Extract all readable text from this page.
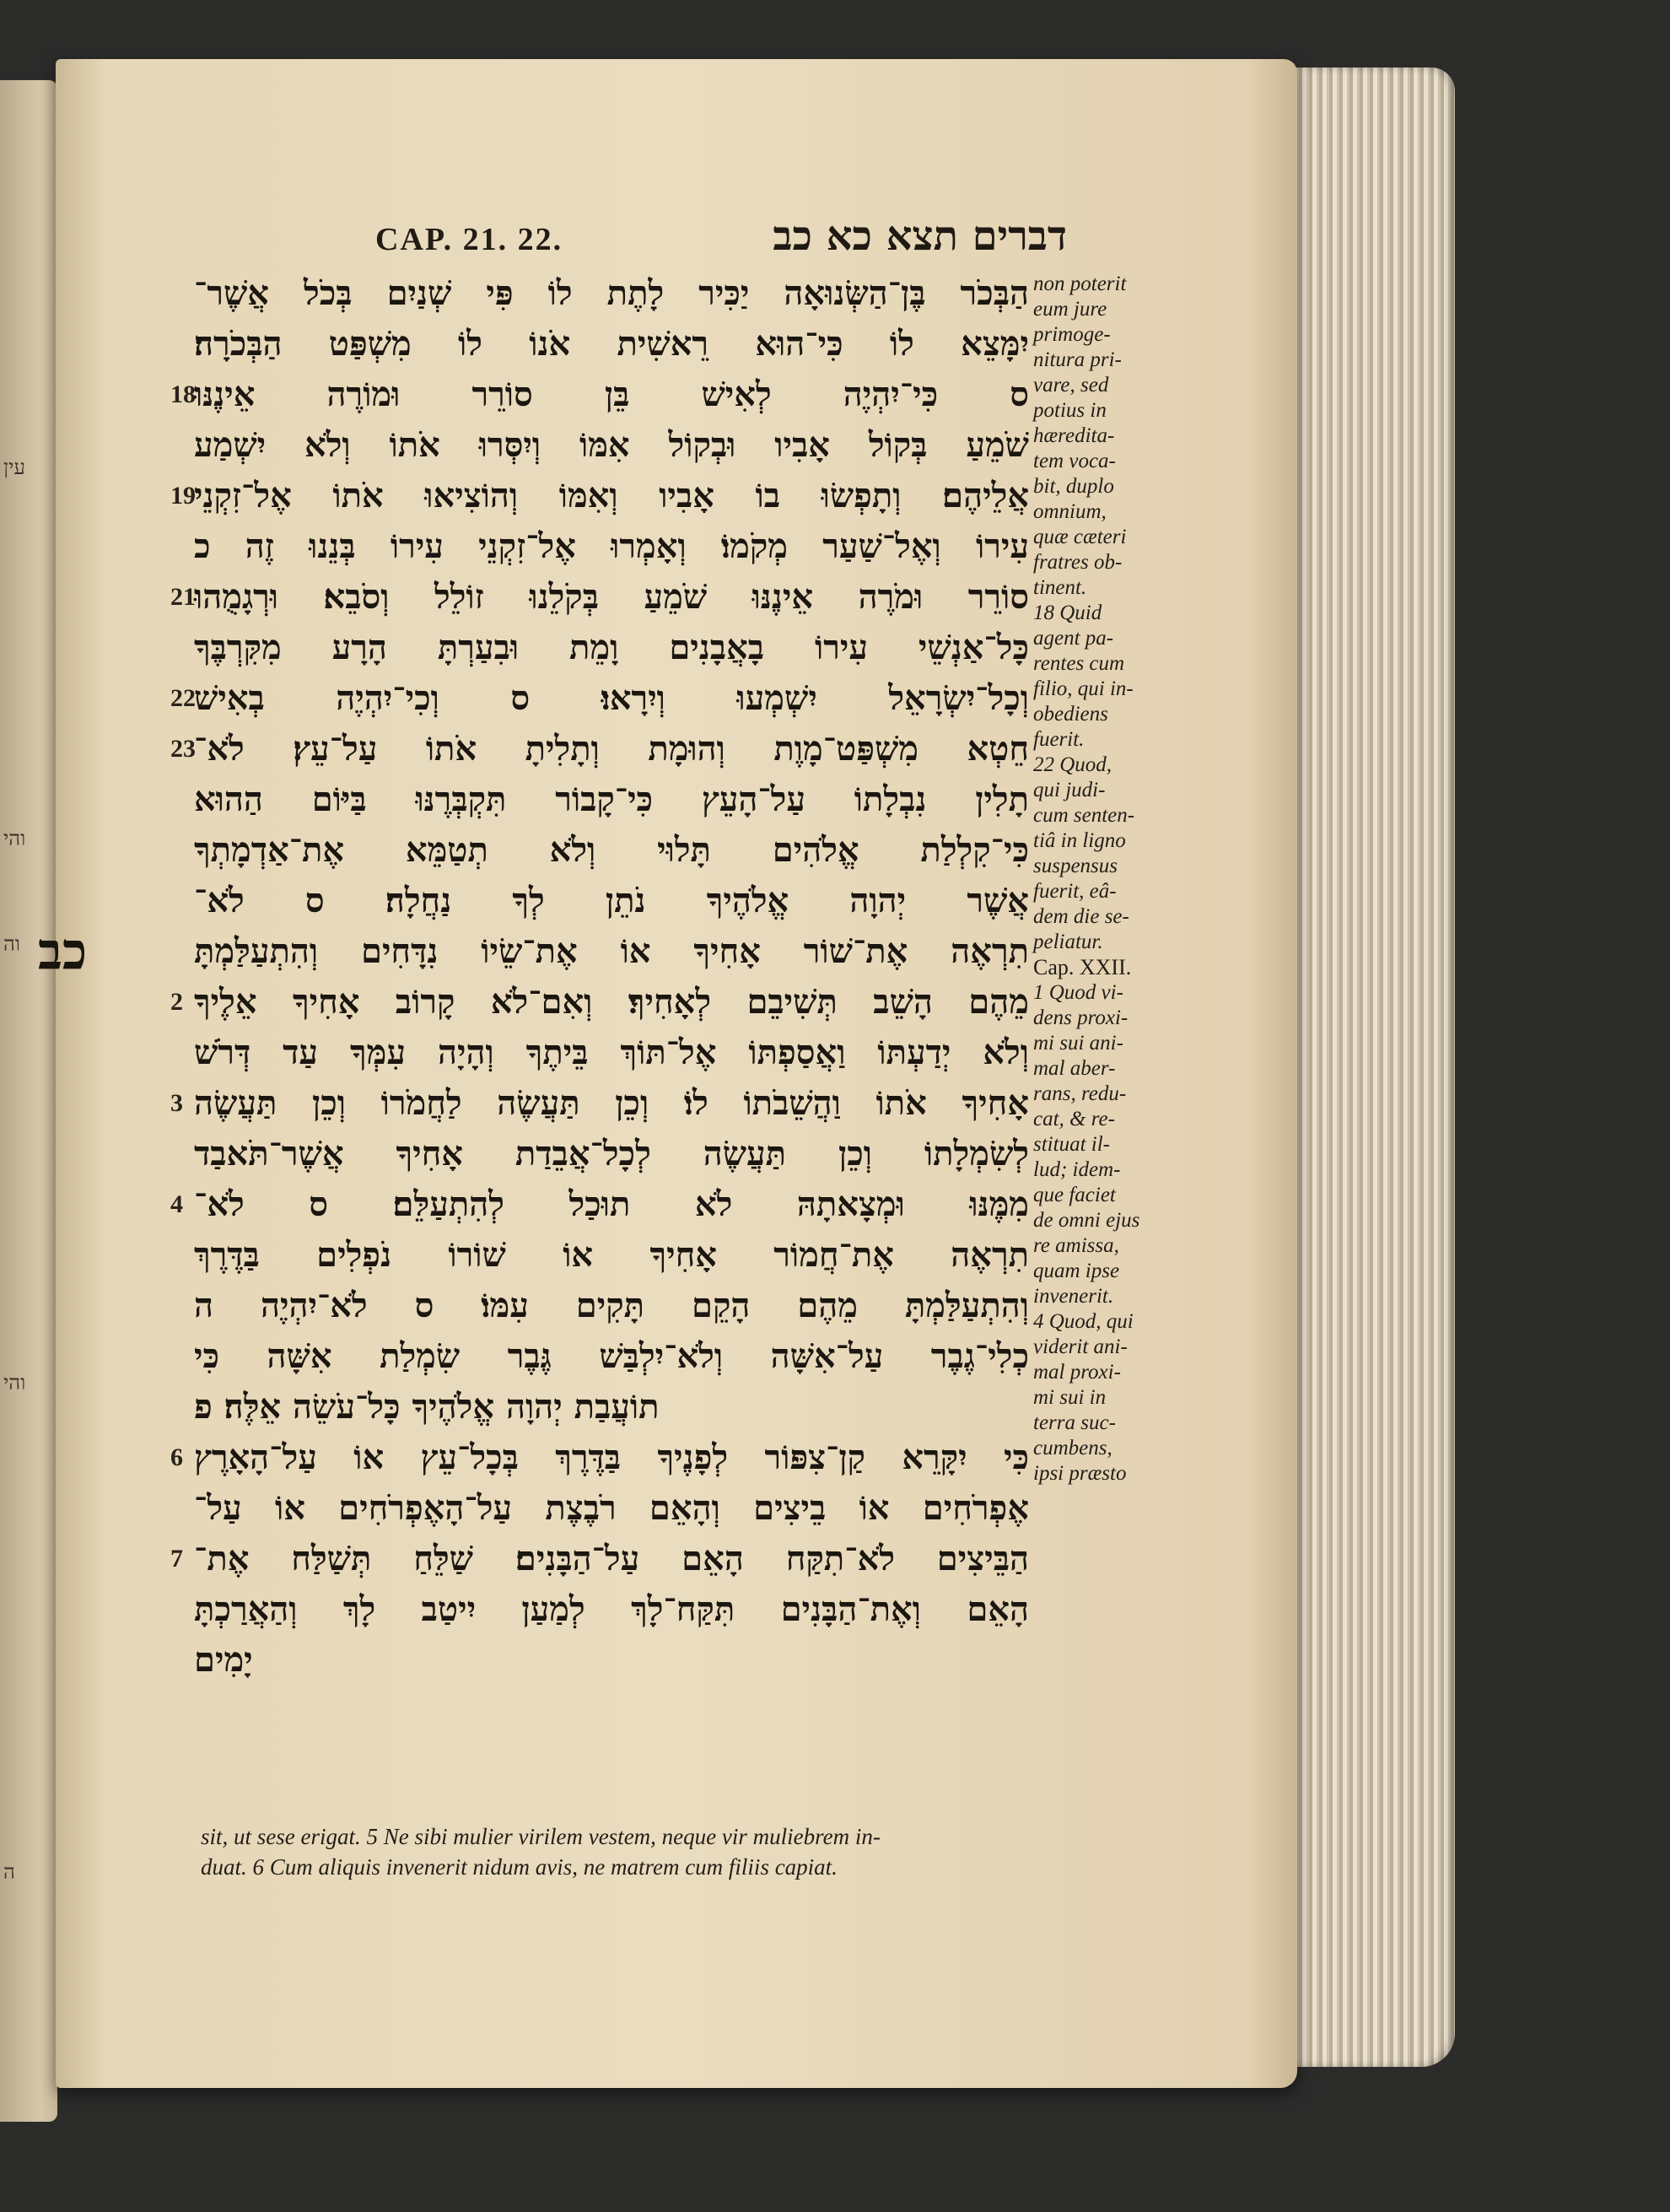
עין
והי
וה
והי
ה
CAP. 21. 22.	דברים תצא כא כב
כב
הַבְּכֹר בֶּן־הַשְּׂנוּאָה יַכִּיר לָתֶת לוֹ פִּי שְׁנַיִם בְּכֹל אֲשֶׁר־
יִמָּצֵא לוֹ כִּי־הוּא רֵאשִׁית אֹנוֹ לוֹ מִשְׁפַּט הַבְּכֹרָה׃
ס כִּי־יִהְיֶה לְאִישׁ בֵּן סוֹרֵר וּמוֹרֶה אֵינֶנּוּ
18
שֹׁמֵעַ בְּקוֹל אָבִיו וּבְקוֹל אִמּוֹ וְיִסְּרוּ אֹתוֹ וְלֹא יִשְׁמַע
אֲלֵיהֶם׃ וְתָפְשׂוּ בוֹ אָבִיו וְאִמּוֹ וְהוֹצִיאוּ אֹתוֹ אֶל־זִקְנֵי
19
עִירוֹ וְאֶל־שַׁעַר מְקֹמוֹ׃ וְאָמְרוּ אֶל־זִקְנֵי עִירוֹ בְּנֵנוּ זֶה כ
סוֹרֵר וּמֹרֶה אֵינֶנּוּ שֹׁמֵעַ בְּקֹלֵנוּ זוֹלֵל וְסֹבֵא׃ וּרְגָמֻהוּ
21
כָּל־אַנְשֵׁי עִירוֹ בָאֲבָנִים וָמֵת וּבִעַרְתָּ הָרָע מִקִּרְבֶּךָ
וְכָל־יִשְׂרָאֵל יִשְׁמְעוּ וְיִרָאוּ׃ ס וְכִי־יִהְיֶה בְאִישׁ
22
חֵטְא מִשְׁפַּט־מָוֶת וְהוּמָת וְתָלִיתָ אֹתוֹ עַל־עֵץ׃ לֹא־
23
תָלִין נִבְלָתוֹ עַל־הָעֵץ כִּי־קָבוֹר תִּקְבְּרֶנּוּ בַּיּוֹם הַהוּא
כִּי־קִלְלַת אֱלֹהִים תָּלוּי וְלֹא תְטַמֵּא אֶת־אַדְמָתְךָ
אֲשֶׁר יְהוָה אֱלֹהֶיךָ נֹתֵן לְךָ נַחֲלָה׃ ס לֹא־
תִרְאֶה אֶת־שׁוֹר אָחִיךָ אוֹ אֶת־שֵׂיוֹ נִדָּחִים וְהִתְעַלַּמְתָּ
מֵהֶם הָשֵׁב תְּשִׁיבֵם לְאָחִיךָ׃ וְאִם־לֹא קָרוֹב אָחִיךָ אֵלֶיךָ
2
וְלֹא יְדַעְתּוֹ וַאֲסַפְתּוֹ אֶל־תּוֹךְ בֵּיתֶךָ וְהָיָה עִמְּךָ עַד דְּרֹשׁ
אָחִיךָ אֹתוֹ וַהֲשֵׁבֹתוֹ לוֹ׃ וְכֵן תַּעֲשֶׂה לַחֲמֹרוֹ וְכֵן תַּעֲשֶׂה
3
לְשִׂמְלָתוֹ וְכֵן תַּעֲשֶׂה לְכָל־אֲבֵדַת אָחִיךָ אֲשֶׁר־תֹּאבַד
מִמֶּנּוּ וּמְצָאתָהּ לֹא תוּכַל לְהִתְעַלֵּם׃ ס לֹא־
4
תִרְאֶה אֶת־חֲמוֹר אָחִיךָ אוֹ שׁוֹרוֹ נֹפְלִים בַּדֶּרֶךְ
וְהִתְעַלַּמְתָּ מֵהֶם הָקֵם תָּקִים עִמּוֹ׃ ס לֹא־יִהְיֶה ה
כְלִי־גֶבֶר עַל־אִשָּׁה וְלֹא־יִלְבַּשׁ גֶּבֶר שִׂמְלַת אִשָּׁה כִּי
תוֹעֲבַת יְהוָה אֱלֹהֶיךָ כָּל־עֹשֵׂה אֵלֶּה׃ פ
כִּי יִקָּרֵא קַן־צִפּוֹר לְפָנֶיךָ בַּדֶּרֶךְ בְּכָל־עֵץ אוֹ עַל־הָאָרֶץ
6
אֶפְרֹחִים אוֹ בֵיצִים וְהָאֵם רֹבֶצֶת עַל־הָאֶפְרֹחִים אוֹ עַל־
הַבֵּיצִים לֹא־תִקַּח הָאֵם עַל־הַבָּנִים׃ שַׁלֵּחַ תְּשַׁלַּח אֶת־
7
הָאֵם וְאֶת־הַבָּנִים תִּקַּח־לָךְ לְמַעַן יִיטַב לָךְ וְהַאֲרַכְתָּ
יָמִים
non poterit
eum jure
primoge-
nitura pri-
vare, sed
potius in
hæredita-
tem voca-
bit, duplo
omnium,
quæ cæteri
fratres ob-
tinent.
18 Quid
agent pa-
rentes cum
filio, qui in-
obediens
fuerit.
22 Quod,
qui judi-
cum senten-
tiâ in ligno
suspensus
fuerit, eâ-
dem die se-
peliatur.
Cap. XXII.
1 Quod vi-
dens proxi-
mi sui ani-
mal aber-
rans, redu-
cat, & re-
stituat il-
lud; idem-
que faciet
de omni ejus
re amissa,
quam ipse
invenerit.
4 Quod, qui
viderit ani-
mal proxi-
mi sui in
terra suc-
cumbens,
ipsi præsto
sit, ut sese erigat. 5 Ne sibi mulier virilem vestem, neque vir muliebrem in-
duat. 6 Cum aliquis invenerit nidum avis, ne matrem cum filiis capiat.
